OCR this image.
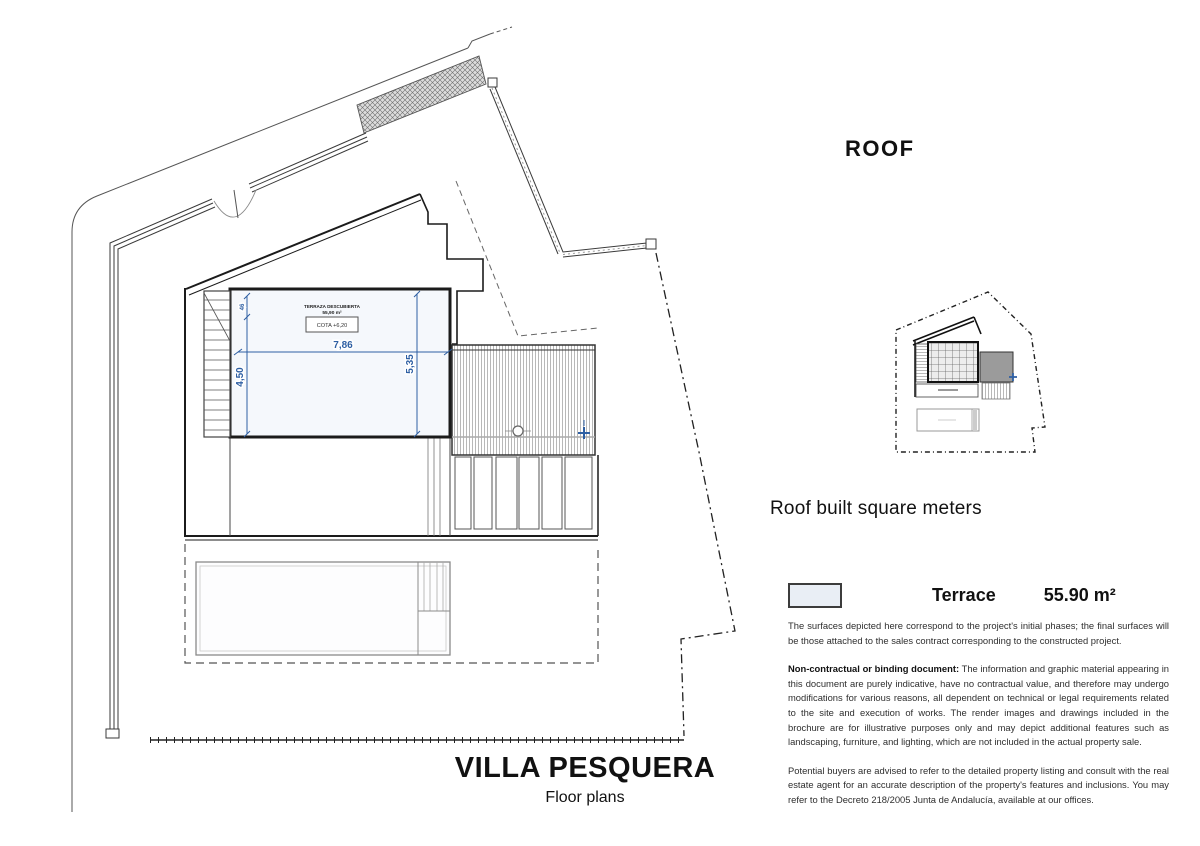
7,86
4,50
5,35
46	TERRAZA DESCUBIERTA
55,90 m²
COTA +6,20
ROOF
Roof built square meters
Terrace	55.90 m²

The surfaces depicted here correspond to the project's initial phases; the final surfaces will be those attached to the sales contract corresponding to the constructed project.

Non-contractual or binding document: The information and graphic material appearing in this document are purely indicative, have no contractual value, and therefore may undergo modifications for various reasons, all dependent on technical or legal requirements related to the site and execution of works. The render images and drawings included in the brochure are for illustrative purposes only and may depict additional features such as landscaping, furniture, and lighting, which are not included in the actual property sale.

Potential buyers are advised to refer to the detailed property listing and consult with the real estate agent for an accurate description of the property's features and inclusions. You may refer to the Decreto 218/2005 Junta de Andalucía, available at our offices.

VILLA PESQUERA
Floor plans
